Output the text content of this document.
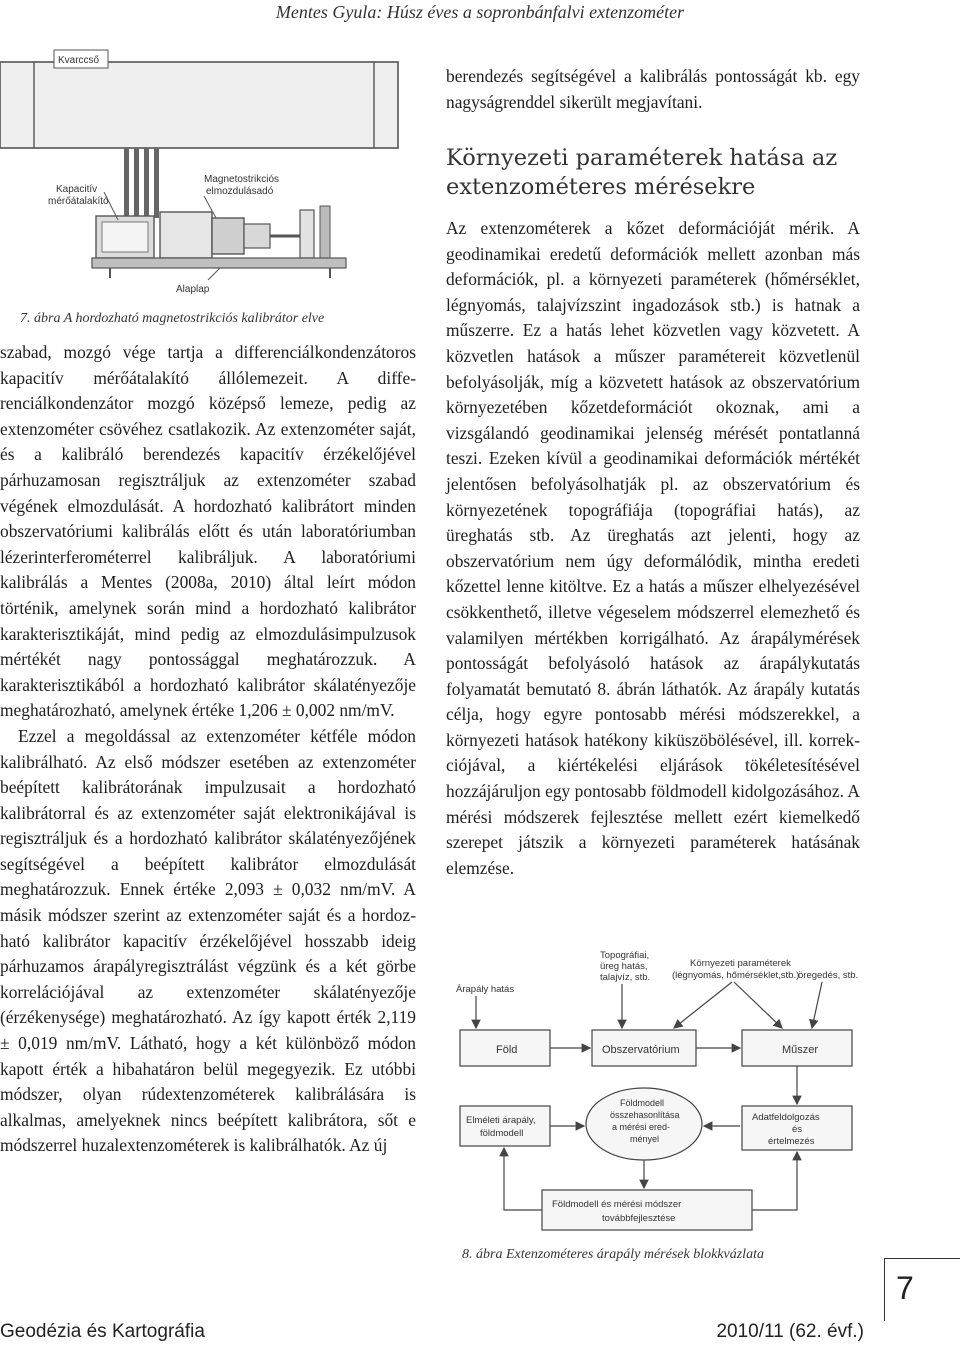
Mentes Gyula: Húsz éves a sopronbánfalvi extenzométer
Kvarccső
Kapacitív
mérőátalakító
Magnetostrikciós
elmozdulásadó
Alaplap

7. ábra A hordozható magnetostrikciós kalibrátor elve

szabad, mozgó vége tartja a differenciálkondenzátoros kapacitív mérőátalakító állólemezeit. A differenciálkondenzátor mozgó középső lemeze, pedig az extenzométer csövéhez csatlakozik. Az extenzométer saját, és a kalibráló berendezés kapacitív érzékelőjével párhuzamosan regisztráljuk az extenzométer szabad végének elmozdulását. A hordozható kalibrátort minden obszervatóriumi kalibrálás előtt és után laboratóriumban lézerinterferométerrel kalibráljuk. A laboratóriumi kalibrálás a Mentes (2008a, 2010) által leírt módon történik, amelynek során mind a hordozható kalibrátor karakterisztikáját, mind pedig az elmozdulásimpulzusok mértékét nagy pontossággal meghatározzuk. A karakterisztikából a hordozható kalibrátor skálatényezője meghatározható, amelynek értéke 1,206 ± 0,002 nm/mV.

Ezzel a megoldással az extenzométer kétféle módon kalibrálható. Az első módszer esetében az extenzométer beépített kalibrátorának impulzusait a hordozható kalibrátorral és az extenzométer saját elektronikájával is regisztráljuk és a hordozható kalibrátor skálatényezőjének segítségével a beépített kalibrátor elmozdulását meghatározzuk. Ennek értéke 2,093 ± 0,032 nm/mV. A másik módszer szerint az extenzométer saját és a hordozható kalibrátor kapacitív érzékelőjével hosszabb ideig párhuzamos árapályregisztrálást végzünk és a két görbe korrelációjával az extenzométer skálatényezője (érzékenysége) meghatározható. Az így kapott érték 2,119 ± 0,019 nm/mV. Látható, hogy a két különböző módon kapott érték a hibahatáron belül megegyezik. Ez utóbbi módszer, olyan rúdextenzométerek kalibrálására is alkalmas, amelyeknek nincs beépített kalibrátora, sőt e módszerrel huzalextenzométerek is kalibrálhatók. Az új

berendezés segítségével a kalibrálás pontosságát kb. egy nagyságrenddel sikerült megjavítani.

Környezeti paraméterek hatása az extenzométeres mérésekre

Az extenzométerek a kőzet deformációját mérik. A geodinamikai eredetű deformációk mellett azonban más deformációk, pl. a környezeti paraméterek (hőmérséklet, légnyomás, talajvízszint ingadozások stb.) is hatnak a műszerre. Ez a hatás lehet közvetlen vagy közvetett. A közvetlen hatások a műszer paramétereit közvetlenül befolyásolják, míg a közvetett hatások az obszervatórium környezetében kőzetdeformációt okoznak, ami a vizsgálandó geodinamikai jelenség mérését pontatlanná teszi. Ezeken kívül a geodinamikai deformációk mértékét jelentősen befolyásolhatják pl. az obszervatórium és környezetének topográfiája (topográfiai hatás), az üreghatás stb. Az üreghatás azt jelenti, hogy az obszervatórium nem úgy deformálódik, mintha eredeti kőzettel lenne kitöltve. Ez a hatás a műszer elhelyezésével csökkenthető, illetve végeselem módszerrel elemezhető és valamilyen mértékben korrigálható. Az árapálymérések pontosságát befolyásoló hatások az árapálykutatás folyamatát bemutató 8. ábrán láthatók. Az árapály kutatás célja, hogy egyre pontosabb mérési módszerekkel, a környezeti hatások hatékony kiküszöbölésével, ill. korrekciójával, a kiértékelési eljárások tökéletesítésével hozzájáruljon egy pontosabb földmodell kidolgozásához. A mérési módszerek fejlesztése mellett ezért kiemelkedő szerepet játszik a környezeti paraméterek hatásának elemzése.

Topográfiai,
üreg hatás,
talajvíz, stb.
Környezeti paraméterek
(légnyomás, hőmérséklet,stb.)
öregedés, stb.
Árapály hatás
Föld	Obszervatórium	Műszer
Elméleti árapály,
földmodell
Földmodell
összehasonlítása
a mérési ered-
ményel
Adatfeldolgozás
és
értelmezés
Földmodell és mérési módszer
továbbfejlesztése

8. ábra Extenzométeres árapály mérések blokkvázlata

7
Geodézia és Kartográfia	2010/11 (62. évf.)
